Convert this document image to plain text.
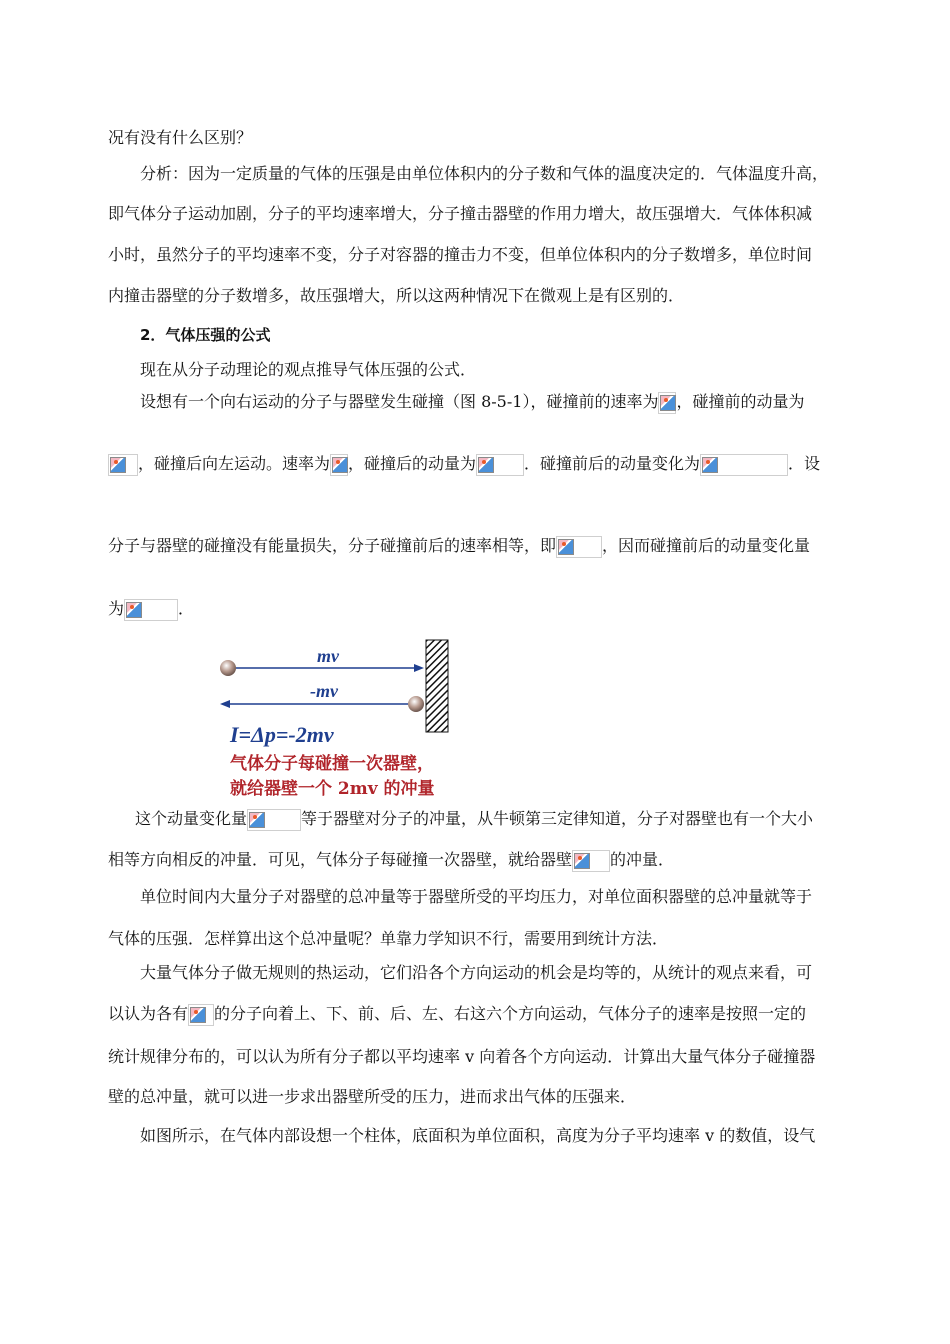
况有没有什么区别？
分析：因为一定质量的气体的压强是由单位体积内的分子数和气体的温度决定的．气体温度升高，
即气体分子运动加剧，分子的平均速率增大，分子撞击器壁的作用力增大，故压强增大．气体体积减
小时，虽然分子的平均速率不变，分子对容器的撞击力不变，但单位体积内的分子数增多，单位时间
内撞击器壁的分子数增多，故压强增大，所以这两种情况下在微观上是有区别的．
2．气体压强的公式
现在从分子动理论的观点推导气体压强的公式．
设想有一个向右运动的分子与器壁发生碰撞（图 8-5-1），碰撞前的速率为 ，碰撞前的动量为
，碰撞后向左运动。速率为 ，碰撞后的动量为	．碰撞前后的动量变化为	．设
分子与器壁的碰撞没有能量损失，分子碰撞前后的速率相等，即	，因而碰撞前后的动量变化量
为	．
mv
-mv
I=Δp=-2mv
气体分子每碰撞一次器壁，
就给器壁一个 2mv 的冲量
这个动量变化量	等于器壁对分子的冲量，从牛顿第三定律知道，分子对器壁也有一个大小
相等方向相反的冲量．可见，气体分子每碰撞一次器壁，就给器壁 的冲量．
单位时间内大量分子对器壁的总冲量等于器壁所受的平均压力，对单位面积器壁的总冲量就等于
气体的压强．怎样算出这个总冲量呢？单靠力学知识不行，需要用到统计方法．
大量气体分子做无规则的热运动，它们沿各个方向运动的机会是均等的，从统计的观点来看，可
以认为各有 的分子向着上、下、前、后、左、右这六个方向运动，气体分子的速率是按照一定的
统计规律分布的，可以认为所有分子都以平均速率 v 向着各个方向运动．计算出大量气体分子碰撞器
壁的总冲量，就可以进一步求出器壁所受的压力，进而求出气体的压强来．
如图所示，在气体内部设想一个柱体，底面积为单位面积，高度为分子平均速率 v 的数值，设气
